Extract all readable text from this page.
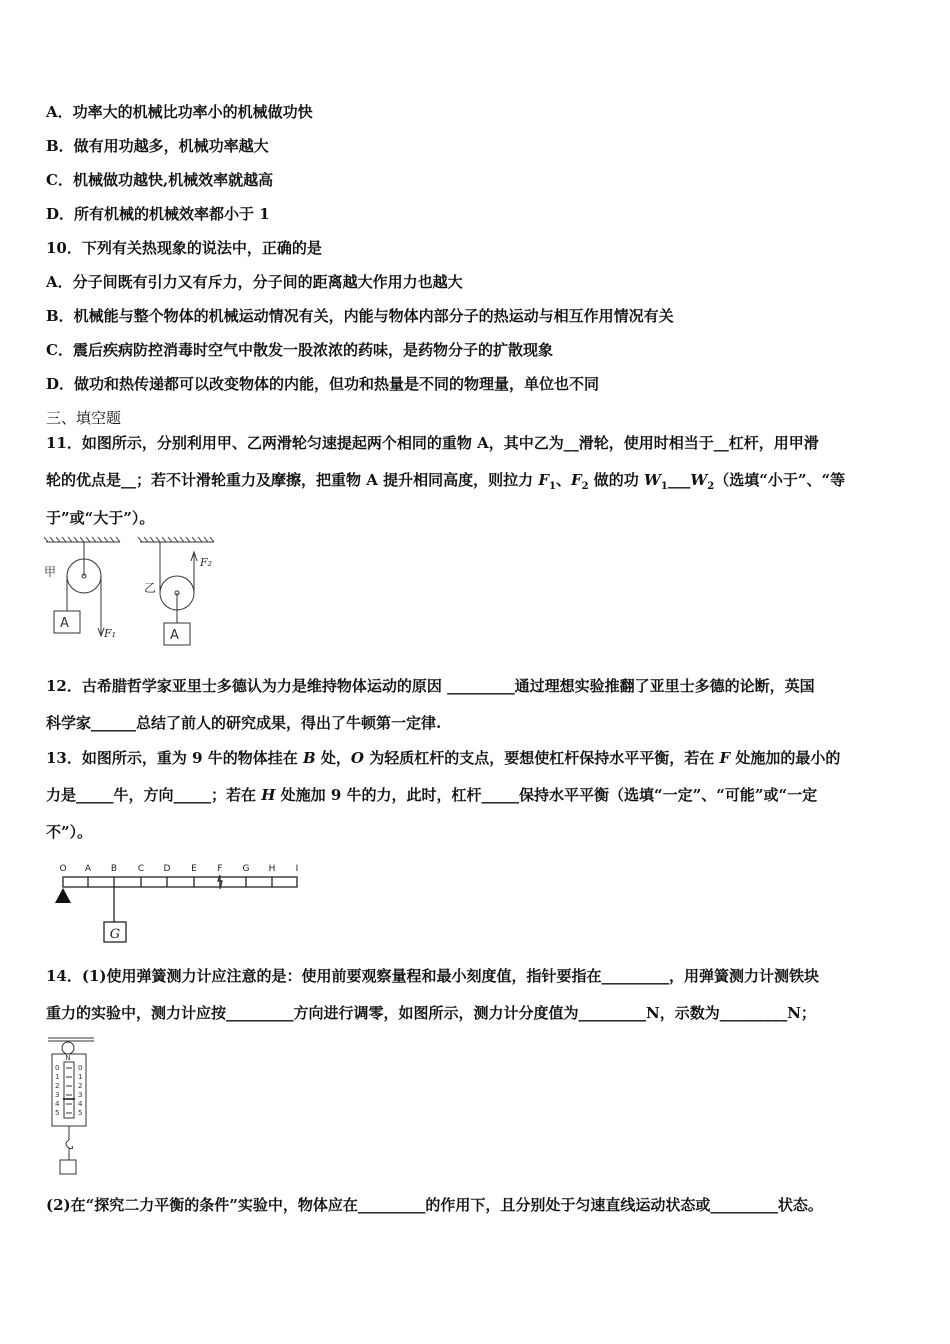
A．功率大的机械比功率小的机械做功快
B．做有用功越多，机械功率越大
C．机械做功越快,机械效率就越高
D．所有机械的机械效率都小于 1
10．下列有关热现象的说法中，正确的是
A．分子间既有引力又有斥力，分子间的距离越大作用力也越大
B．机械能与整个物体的机械运动情况有关，内能与物体内部分子的热运动与相互作用情况有关
C．震后疾病防控消毒时空气中散发一股浓浓的药味，是药物分子的扩散现象
D．做功和热传递都可以改变物体的内能，但功和热量是不同的物理量，单位也不同
三、填空题
11．如图所示，分别利用甲、乙两滑轮匀速提起两个相同的重物 A，其中乙为__滑轮，使用时相当于__杠杆，用甲滑
轮的优点是__；若不计滑轮重力及摩擦，把重物 A 提升相同高度，则拉力 $F_1$、$F_2$ 做的功 $W_1\_\_\_W_2$（选填“小于”、“等
于”或“大于”）。
甲
乙
A
A
F₁
F₂
12．古希腊哲学家亚里士多德认为力是维持物体运动的原因 _________通过理想实验推翻了亚里士多德的论断，英国
科学家______总结了前人的研究成果，得出了牛顿第一定律.
13．如图所示，重为 9 牛的物体挂在 B 处，O 为轻质杠杆的支点，要想使杠杆保持水平平衡，若在 F 处施加的最小的
力是_____牛，方向_____；若在 H 处施加 9 牛的力，此时，杠杆_____保持水平平衡（选填“一定”、“可能”或“一定
不”）。
O A B C D E F G H I
G
14．(1)使用弹簧测力计应注意的是：使用前要观察量程和最小刻度值，指针要指在_________，用弹簧测力计测铁块
重力的实验中，测力计应按_________方向进行调零，如图所示，测力计分度值为_________N，示数为_________N；
N
0
1
2
3
4
5
0
1
2
3
4
5
(2)在“探究二力平衡的条件”实验中，物体应在_________的作用下，且分别处于匀速直线运动状态或_________状态。
